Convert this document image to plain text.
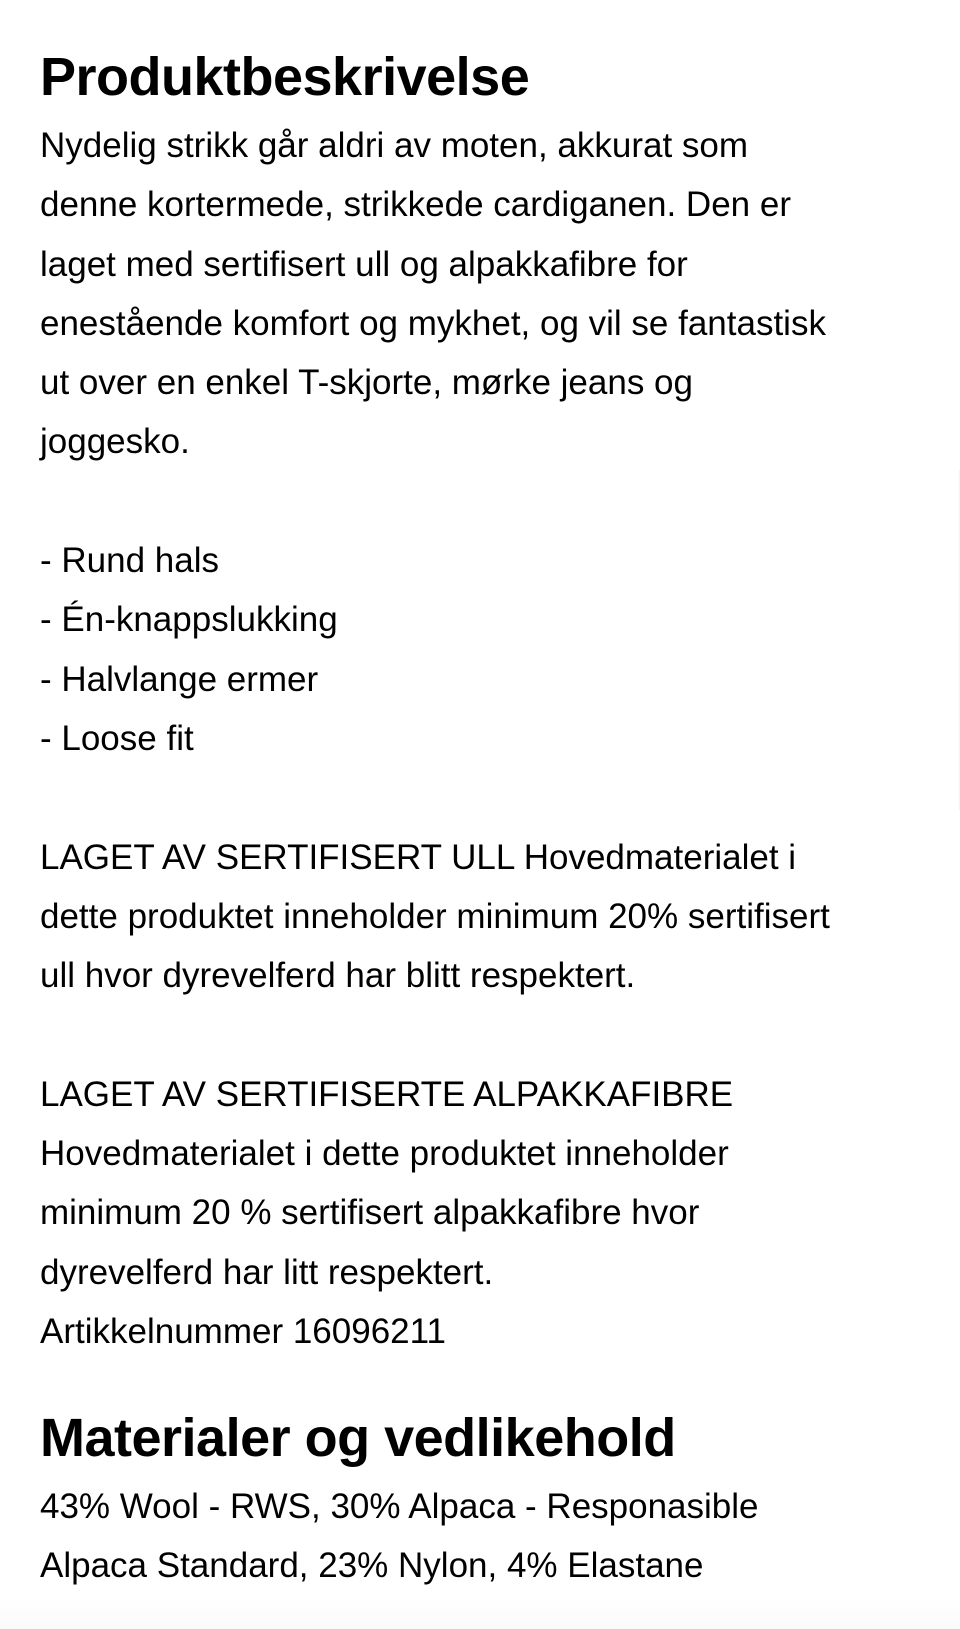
Produktbeskrivelse
Nydelig strikk går aldri av moten, akkurat som
denne kortermede, strikkede cardiganen. Den er
laget med sertifisert ull og alpakkafibre for
enestående komfort og mykhet, og vil se fantastisk
ut over en enkel T-skjorte, mørke jeans og
joggesko.
- Rund hals
- Én-knappslukking
- Halvlange ermer
- Loose fit
LAGET AV SERTIFISERT ULL Hovedmaterialet i
dette produktet inneholder minimum 20% sertifisert
ull hvor dyrevelferd har blitt respektert.
LAGET AV SERTIFISERTE ALPAKKAFIBRE
Hovedmaterialet i dette produktet inneholder
minimum 20 % sertifisert alpakkafibre hvor
dyrevelferd har litt respektert.
Artikkelnummer 16096211
Materialer og vedlikehold
43% Wool - RWS, 30% Alpaca - Responasible
Alpaca Standard, 23% Nylon, 4% Elastane
